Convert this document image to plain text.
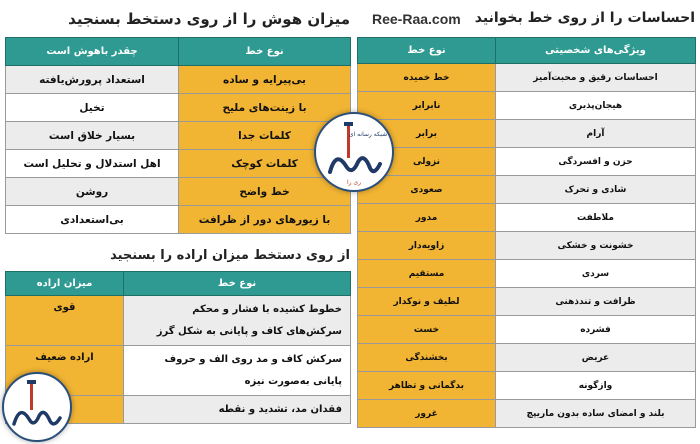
میزان هوش را از روی دستخط بسنجید Ree-Raa.com احساسات را از روی خط بخوانید
نوع خط	چقدر باهوش است
بی‌پیرایه و ساده	استعداد پرورش‌یافته
با زینت‌های ملیح	تخیل
کلمات جدا	بسیار خلاق است
کلمات کوچک	اهل استدلال و تحلیل است
خط واضح	روشن
با زیورهای دور از ظرافت	بی‌استعدادی
ویژگی‌های شخصیتی	نوع خط
احساسات رقیق و محبت‌آمیز	خط خمیده
هیجان‌پذیری	نابرابر
آرام	برابر
حزن و افسردگی	نزولی
شادی و تحرک	صعودی
ملاطفت	مدور
خشونت و خشکی	زاویه‌دار
سردی	مستقیم
ظرافت و تندذهنی	لطیف و نوکدار
فشرده	خست
عریض	بخشندگی
وازگونه	بدگمانی و تظاهر
بلند و امضای ساده بدون ماریپچ	غرور
از روی دستخط میزان اراده را بسنجید
نوع خط	میزان اراده

خطوط کشیده با فشار و محکم
سرکش‌های کاف و پایانی به شکل گرز	قوی

سرکش کاف و مد روی الف و حروف
پایانی به‌صورت نیزه	اراده ضعیف

فقدان مد، تشدید و نقطه

شبکه رسانه ای
ری را
